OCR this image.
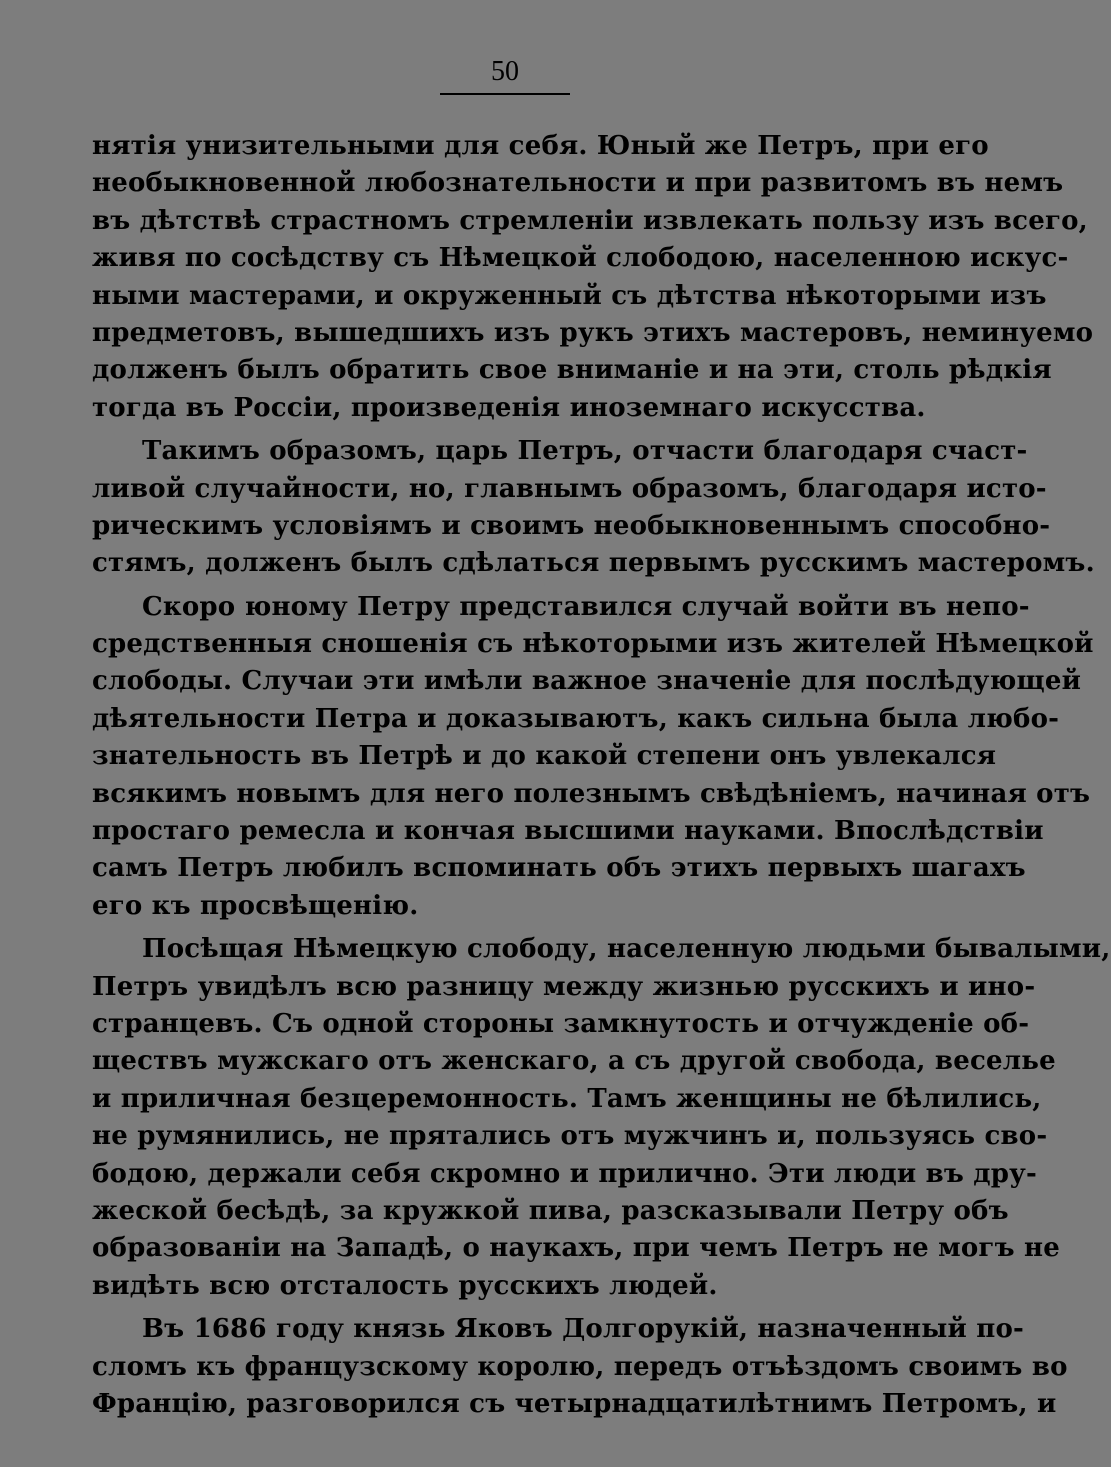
50
нятія унизительными для себя. Юный же Петръ, при его
необыкновенной любознательности и при развитомъ въ немъ
въ дѣтствѣ страстномъ стремленіи извлекать пользу изъ всего,
живя по сосѣдству съ Нѣмецкой слободою, населенною искус-
ными мастерами, и окруженный съ дѣтства нѣкоторыми изъ
предметовъ, вышедшихъ изъ рукъ этихъ мастеровъ, неминуемо
долженъ былъ обратить свое вниманіе и на эти, столь рѣдкія
тогда въ Россіи, произведенія иноземнаго искусства.
Такимъ образомъ, царь Петръ, отчасти благодаря счаст-
ливой случайности, но, главнымъ образомъ, благодаря исто-
рическимъ условіямъ и своимъ необыкновеннымъ способно-
стямъ, долженъ былъ сдѣлаться первымъ русскимъ мастеромъ.
Скоро юному Петру представился случай войти въ непо-
средственныя сношенія съ нѣкоторыми изъ жителей Нѣмецкой
слободы. Случаи эти имѣли важное значеніе для послѣдующей
дѣятельности Петра и доказываютъ, какъ сильна была любо-
знательность въ Петрѣ и до какой степени онъ увлекался
всякимъ новымъ для него полезнымъ свѣдѣніемъ, начиная отъ
простаго ремесла и кончая высшими науками. Впослѣдствіи
самъ Петръ любилъ вспоминать объ этихъ первыхъ шагахъ
его къ просвѣщенію.
Посѣщая Нѣмецкую слободу, населенную людьми бывалыми,
Петръ увидѣлъ всю разницу между жизнью русскихъ и ино-
странцевъ. Съ одной стороны замкнутость и отчужденіе об-
ществъ мужскаго отъ женскаго, а съ другой свобода, веселье
и приличная безцеремонность. Тамъ женщины не бѣлились,
не румянились, не прятались отъ мужчинъ и, пользуясь сво-
бодою, держали себя скромно и прилично. Эти люди въ дру-
жеской бесѣдѣ, за кружкой пива, разсказывали Петру объ
образованіи на Западѣ, о наукахъ, при чемъ Петръ не могъ не
видѣть всю отсталость русскихъ людей.
Въ 1686 году князь Яковъ Долгорукій, назначенный по-
сломъ къ французскому королю, передъ отъѣздомъ своимъ во
Францію, разговорился съ четырнадцатилѣтнимъ Петромъ, и
